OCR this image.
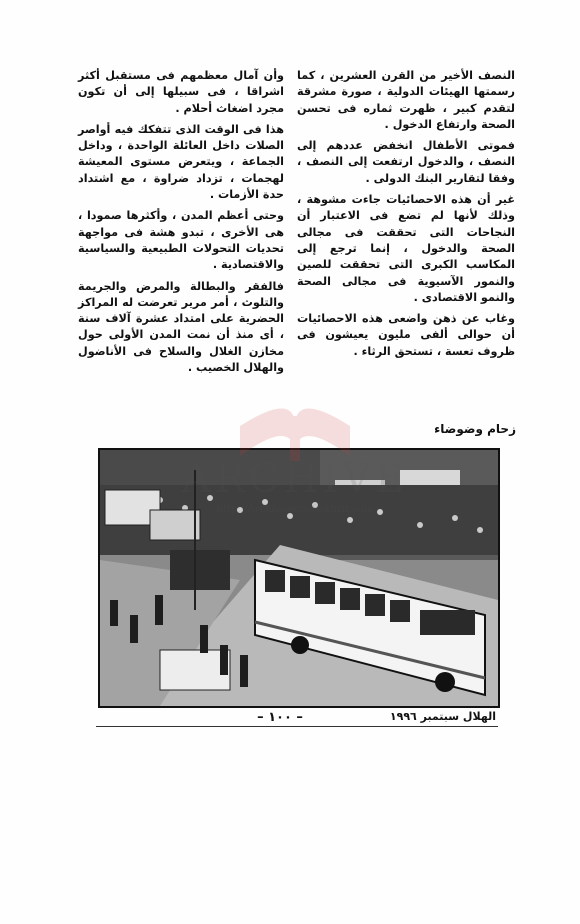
النصف الأخير من القرن العشرين ، كما رسمتها الهيئات الدولية ، صورة مشرقة لتقدم كبير ، ظهرت ثماره فى تحسن الصحة وارتفاع الدخول .

فموتى الأطفال انخفض عددهم إلى النصف ، والدخول ارتفعت إلى النصف ، وفقا لتقارير البنك الدولى .

غير أن هذه الاحصائيات جاءت مشوهة ، وذلك لأنها لم تضع فى الاعتبار أن النجاحات التى تحققت فى مجالى الصحة والدخول ، إنما ترجع إلى المكاسب الكبرى التى تحققت للصين والنمور الآسيوية فى مجالى الصحة والنمو الاقتصادى .

وغاب عن ذهن واضعى هذه الاحصائيات أن حوالى ألفى مليون يعيشون فى ظروف تعسة ، تستحق الرثاء .

وأن آمال معظمهم فى مستقبل أكثر اشراقا ، فى سبيلها إلى أن تكون مجرد اضغاث أحلام .

هذا فى الوقت الذى تتفكك فيه أواصر الصلات داخل العائلة الواحدة ، وداخل الجماعة ، ويتعرض مستوى المعيشة لهجمات ، تزداد ضراوة ، مع اشتداد حدة الأزمات .

وحتى أعظم المدن ، وأكثرها صمودا ، هى الأخرى ، تبدو هشة فى مواجهة تحديات التحولات الطبيعية والسياسية والاقتصادية .

فالفقر والبطالة والمرض والجريمة والتلوث ، أمر مرير تعرضت له المراكز الحضرية على امتداد عشرة آلاف سنة ، أى منذ أن نمت المدن الأولى حول مخازن الغلال والسلاح فى الأناضول والهلال الخصيب .

زحام وضوضاء
– ١٠٠ –	الهلال سبتمبر ١٩٩٦
